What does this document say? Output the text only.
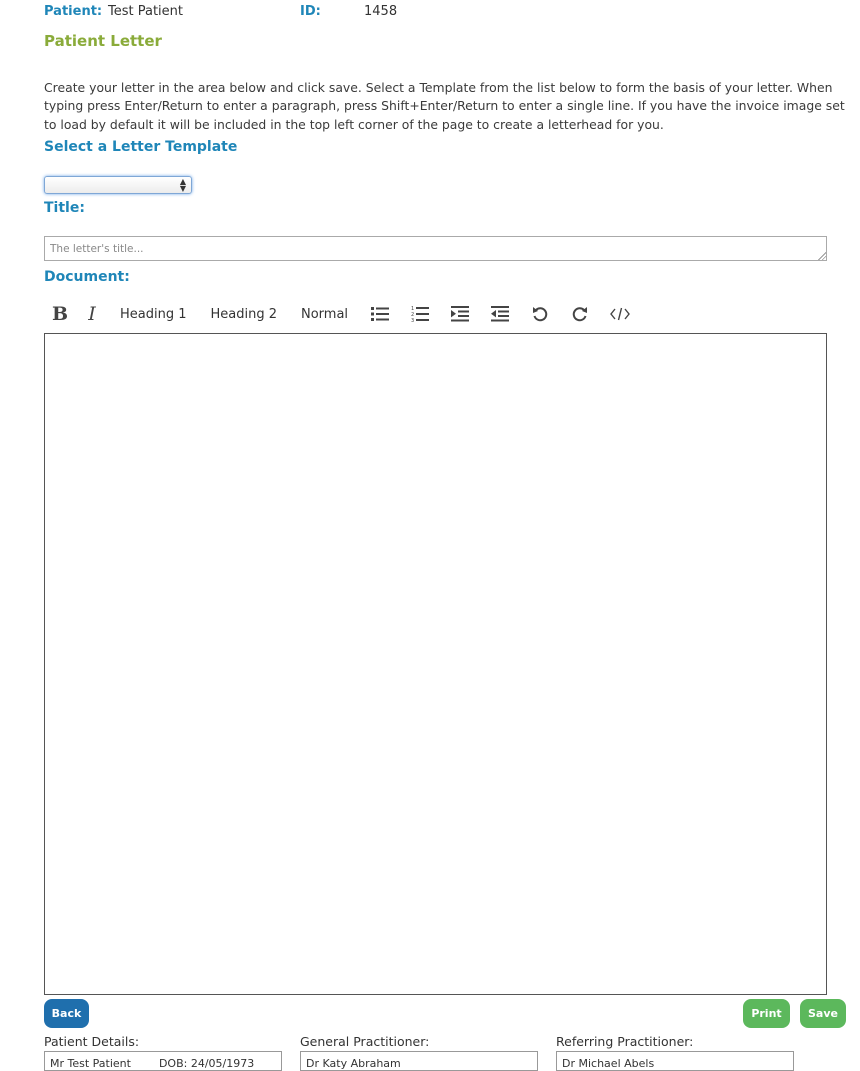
Patient: Test Patient	ID:	1458
Patient Letter
Create your letter in the area below and click save. Select a Template from the list below to form the basis of your letter. When typing press Enter/Return to enter a paragraph, press Shift+Enter/Return to enter a single line. If you have the invoice image set to load by default it will be included in the top left corner of the page to create a letterhead for you.
Select a Letter Template
▲
▼
Title:
The letter's title...
Document:
B	I	Heading 1	Heading 2	Normal	1
2
3
Back	Print	Save
Patient Details:	General Practitioner:	Referring Practitioner:
Mr Test Patient        DOB: 24/05/1973	Dr Katy Abraham	Dr Michael Abels
